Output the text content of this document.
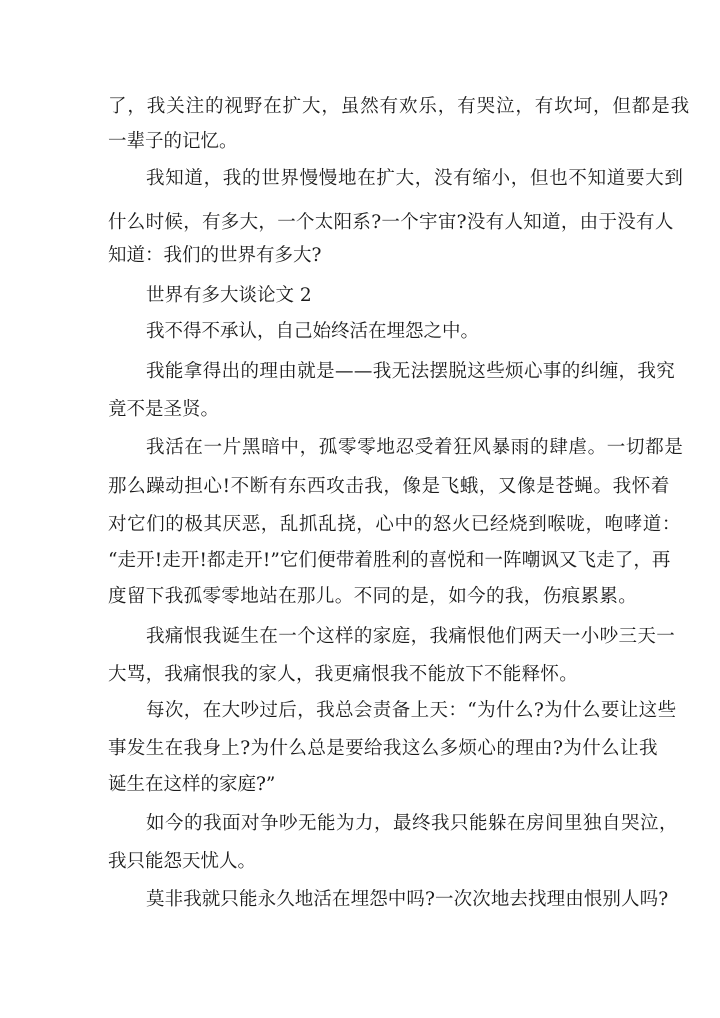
了，我关注的视野在扩大，虽然有欢乐，有哭泣，有坎坷，但都是我
一辈子的记忆。
我知道，我的世界慢慢地在扩大，没有缩小，但也不知道要大到
什么时候，有多大，一个太阳系?一个宇宙?没有人知道，由于没有人
知道：我们的世界有多大?
世界有多大谈论文 2
我不得不承认，自己始终活在埋怨之中。
我能拿得出的理由就是——我无法摆脱这些烦心事的纠缠，我究
竟不是圣贤。
我活在一片黑暗中，孤零零地忍受着狂风暴雨的肆虐。一切都是
那么躁动担心!不断有东西攻击我，像是飞蛾，又像是苍蝇。我怀着
对它们的极其厌恶，乱抓乱挠，心中的怒火已经烧到喉咙，咆哮道：
“走开!走开!都走开!”它们便带着胜利的喜悦和一阵嘲讽又飞走了，再
度留下我孤零零地站在那儿。不同的是，如今的我，伤痕累累。
我痛恨我诞生在一个这样的家庭，我痛恨他们两天一小吵三天一
大骂，我痛恨我的家人，我更痛恨我不能放下不能释怀。
每次，在大吵过后，我总会责备上天：“为什么?为什么要让这些
事发生在我身上?为什么总是要给我这么多烦心的理由?为什么让我
诞生在这样的家庭?”
如今的我面对争吵无能为力，最终我只能躲在房间里独自哭泣，
我只能怨天忧人。
莫非我就只能永久地活在埋怨中吗?一次次地去找理由恨别人吗?
